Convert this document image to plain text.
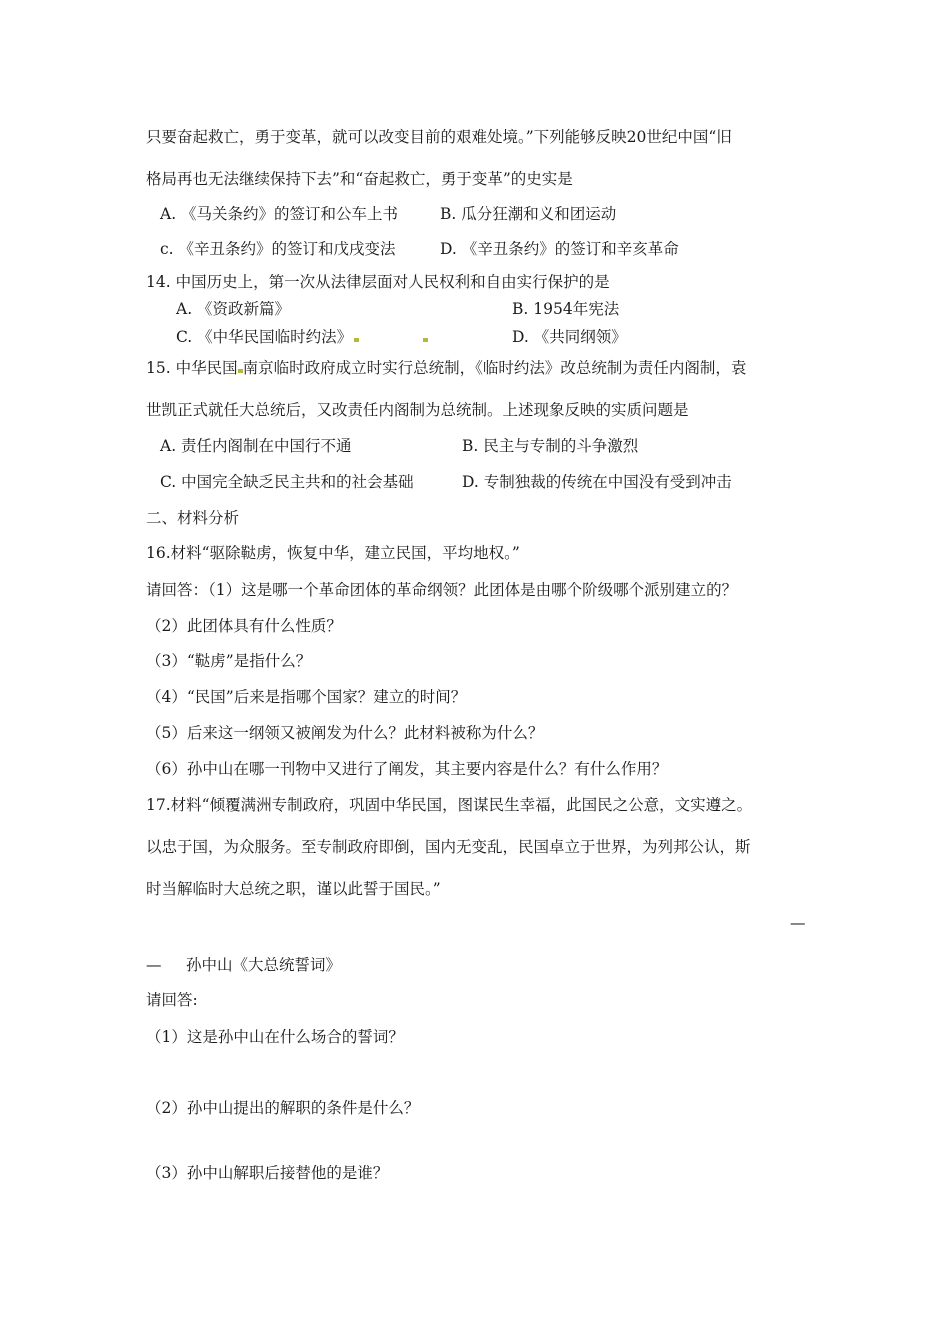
只要奋起救亡，勇于变革，就可以改变目前的艰难处境。”下列能够反映20世纪中国“旧
格局再也无法继续保持下去”和“奋起救亡，勇于变革”的史实是
A. 《马关条约》的签订和公车上书	B. 瓜分狂潮和义和团运动
c. 《辛丑条约》的签订和戊戌变法	D. 《辛丑条约》的签订和辛亥革命
14. 中国历史上，第一次从法律层面对人民权利和自由实行保护的是
A. 《资政新篇》	B. 1954年宪法
C. 《中华民国临时约法》	D. 《共同纲领》
15. 中华民国 南京临时政府成立时实行总统制，《临时约法》改总统制为责任内阁制，袁
世凯正式就任大总统后，又改责任内阁制为总统制。上述现象反映的实质问题是
A. 责任内阁制在中国行不通	B. 民主与专制的斗争激烈
C. 中国完全缺乏民主共和的社会基础	D. 专制独裁的传统在中国没有受到冲击
二、材料分析
16.材料“驱除鞑虏，恢复中华，建立民国，平均地权。”
请回答：（1）这是哪一个革命团体的革命纲领？此团体是由哪个阶级哪个派别建立的？
（2）此团体具有什么性质？
（3）“鞑虏”是指什么？
（4）“民国”后来是指哪个国家？建立的时间？
（5）后来这一纲领又被阐发为什么？此材料被称为什么？
（6）孙中山在哪一刊物中又进行了阐发，其主要内容是什么？有什么作用？
17.材料“倾覆满洲专制政府，巩固中华民国，图谋民生幸福，此国民之公意，文实遵之。
以忠于国，为众服务。至专制政府即倒，国内无变乱，民国卓立于世界，为列邦公认，斯
时当解临时大总统之职，谨以此誓于国民。”
—
— 孙中山《大总统誓词》
请回答:
（1）这是孙中山在什么场合的誓词？
（2）孙中山提出的解职的条件是什么？
（3）孙中山解职后接替他的是谁？
